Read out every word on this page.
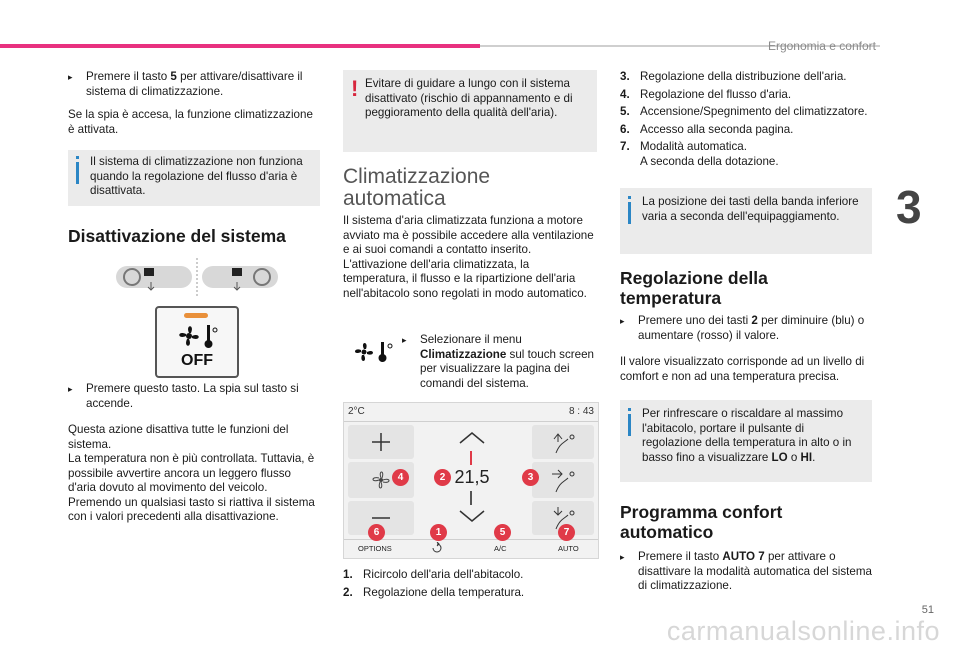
Ergonomia e confort
3
▸	Premere il tasto 5 per attivare/disattivare il sistema di climatizzazione.
Se la spia è accesa, la funzione climatizzazione è attivata.
Il sistema di climatizzazione non funziona quando la regolazione del flusso d'aria è disattivata.
Disattivazione del sistema
OFF
▸	Premere questo tasto. La spia sul tasto si accende.
Questa azione disattiva tutte le funzioni del sistema.
La temperatura non è più controllata. Tuttavia, è possibile avvertire ancora un leggero flusso d'aria dovuto al movimento del veicolo.
Premendo un qualsiasi tasto si riattiva il sistema con i valori precedenti alla disattivazione.
! Evitare di guidare a lungo con il sistema disattivato (rischio di appannamento e di peggioramento della qualità dell'aria).
Climatizzazione
automatica
Il sistema d'aria climatizzata funziona a motore avviato ma è possibile accedere alla ventilazione e ai suoi comandi a contatto inserito.
L'attivazione dell'aria climatizzata, la temperatura, il flusso e la ripartizione dell'aria nell'abitacolo sono regolati in modo automatico.
▸	Selezionare il menu Climatizzazione sul touch screen per visualizzare la pagina dei comandi del sistema.
2°C	8 : 43
21,5
OPTIONS	A/C	AUTO
4	2	3
6	1	5	7
1. Ricircolo dell'aria dell'abitacolo.
2. Regolazione della temperatura.
3. Regolazione della distribuzione dell'aria.
4. Regolazione del flusso d'aria.
5. Accensione/Spegnimento del climatizzatore.
6. Accesso alla seconda pagina.
7. Modalità automatica.
A seconda della dotazione.
La posizione dei tasti della banda inferiore varia a seconda dell'equipaggiamento.
Regolazione della temperatura
▸	Premere uno dei tasti 2 per diminuire (blu) o aumentare (rosso) il valore.
Il valore visualizzato corrisponde ad un livello di comfort e non ad una temperatura precisa.
Per rinfrescare o riscaldare al massimo l'abitacolo, portare il pulsante di regolazione della temperatura in alto o in basso fino a visualizzare LO o HI.
Programma confort automatico
▸	Premere il tasto AUTO 7 per attivare o disattivare la modalità automatica del sistema di climatizzazione.
51
carmanualsonline.info
